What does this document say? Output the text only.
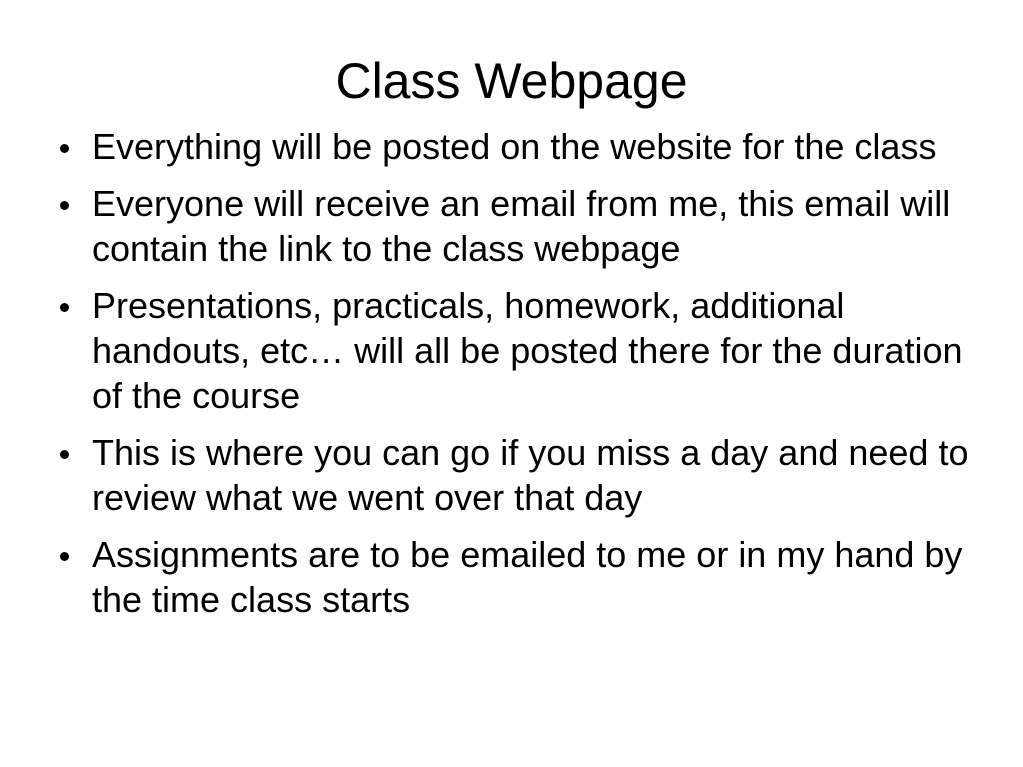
Class Webpage
Everything will be posted on the website for the class
Everyone will receive an email from me, this email will contain the link to the class webpage
Presentations, practicals, homework, additional handouts, etc… will all be posted there for the duration of the course
This is where you can go if you miss a day and need to review what we went over that day
Assignments are to be emailed to me or in my hand by the time class starts
